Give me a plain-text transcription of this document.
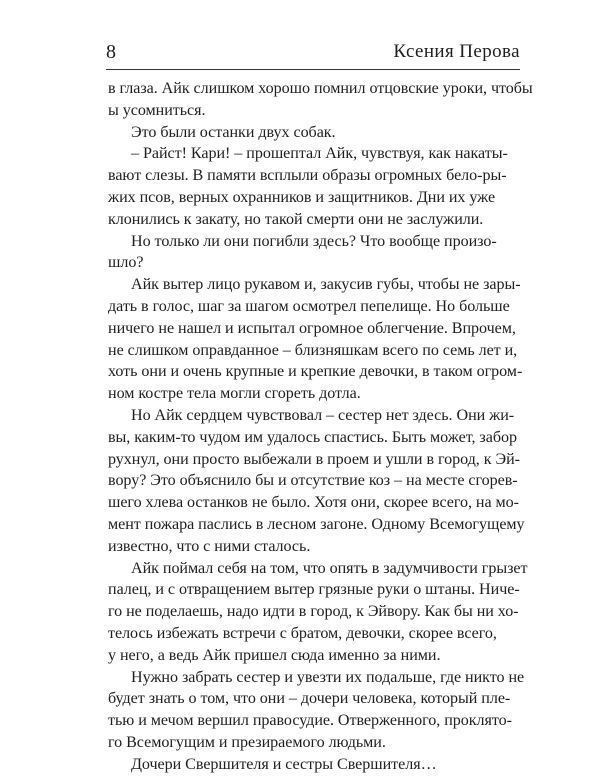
8	Ксения Перова
в глаза. Айк слишком хорошо помнил отцовские уроки, чтобы
ы усомниться.
Это были останки двух собак.
– Райст! Кари! – прошептал Айк, чувствуя, как накаты-
вают слезы. В памяти всплыли образы огромных бело-ры-
жих псов, верных охранников и защитников. Дни их уже
клонились к закату, но такой смерти они не заслужили.
Но только ли они погибли здесь? Что вообще произо-
шло?
Айк вытер лицо рукавом и, закусив губы, чтобы не зары-
дать в голос, шаг за шагом осмотрел пепелище. Но больше
ничего не нашел и испытал огромное облегчение. Впрочем,
не слишком оправданное – близняшкам всего по семь лет и,
хоть они и очень крупные и крепкие девочки, в таком огром-
ном костре тела могли сгореть дотла.
Но Айк сердцем чувствовал – сестер нет здесь. Они жи-
вы, каким-то чудом им удалось спастись. Быть может, забор
рухнул, они просто выбежали в проем и ушли в город, к Эй-
вору? Это объяснило бы и отсутствие коз – на месте сгорев-
шего хлева останков не было. Хотя они, скорее всего, на мо-
мент пожара паслись в лесном загоне. Одному Всемогущему
известно, что с ними сталось.
Айк поймал себя на том, что опять в задумчивости грызет
палец, и с отвращением вытер грязные руки о штаны. Ниче-
го не поделаешь, надо идти в город, к Эйвору. Как бы ни хо-
телось избежать встречи с братом, девочки, скорее всего,
у него, а ведь Айк пришел сюда именно за ними.
Нужно забрать сестер и увезти их подальше, где никто не
будет знать о том, что они – дочери человека, который пле-
тью и мечом вершил правосудие. Отверженного, проклято-
го Всемогущим и презираемого людьми.
Дочери Свершителя и сестры Свершителя…
